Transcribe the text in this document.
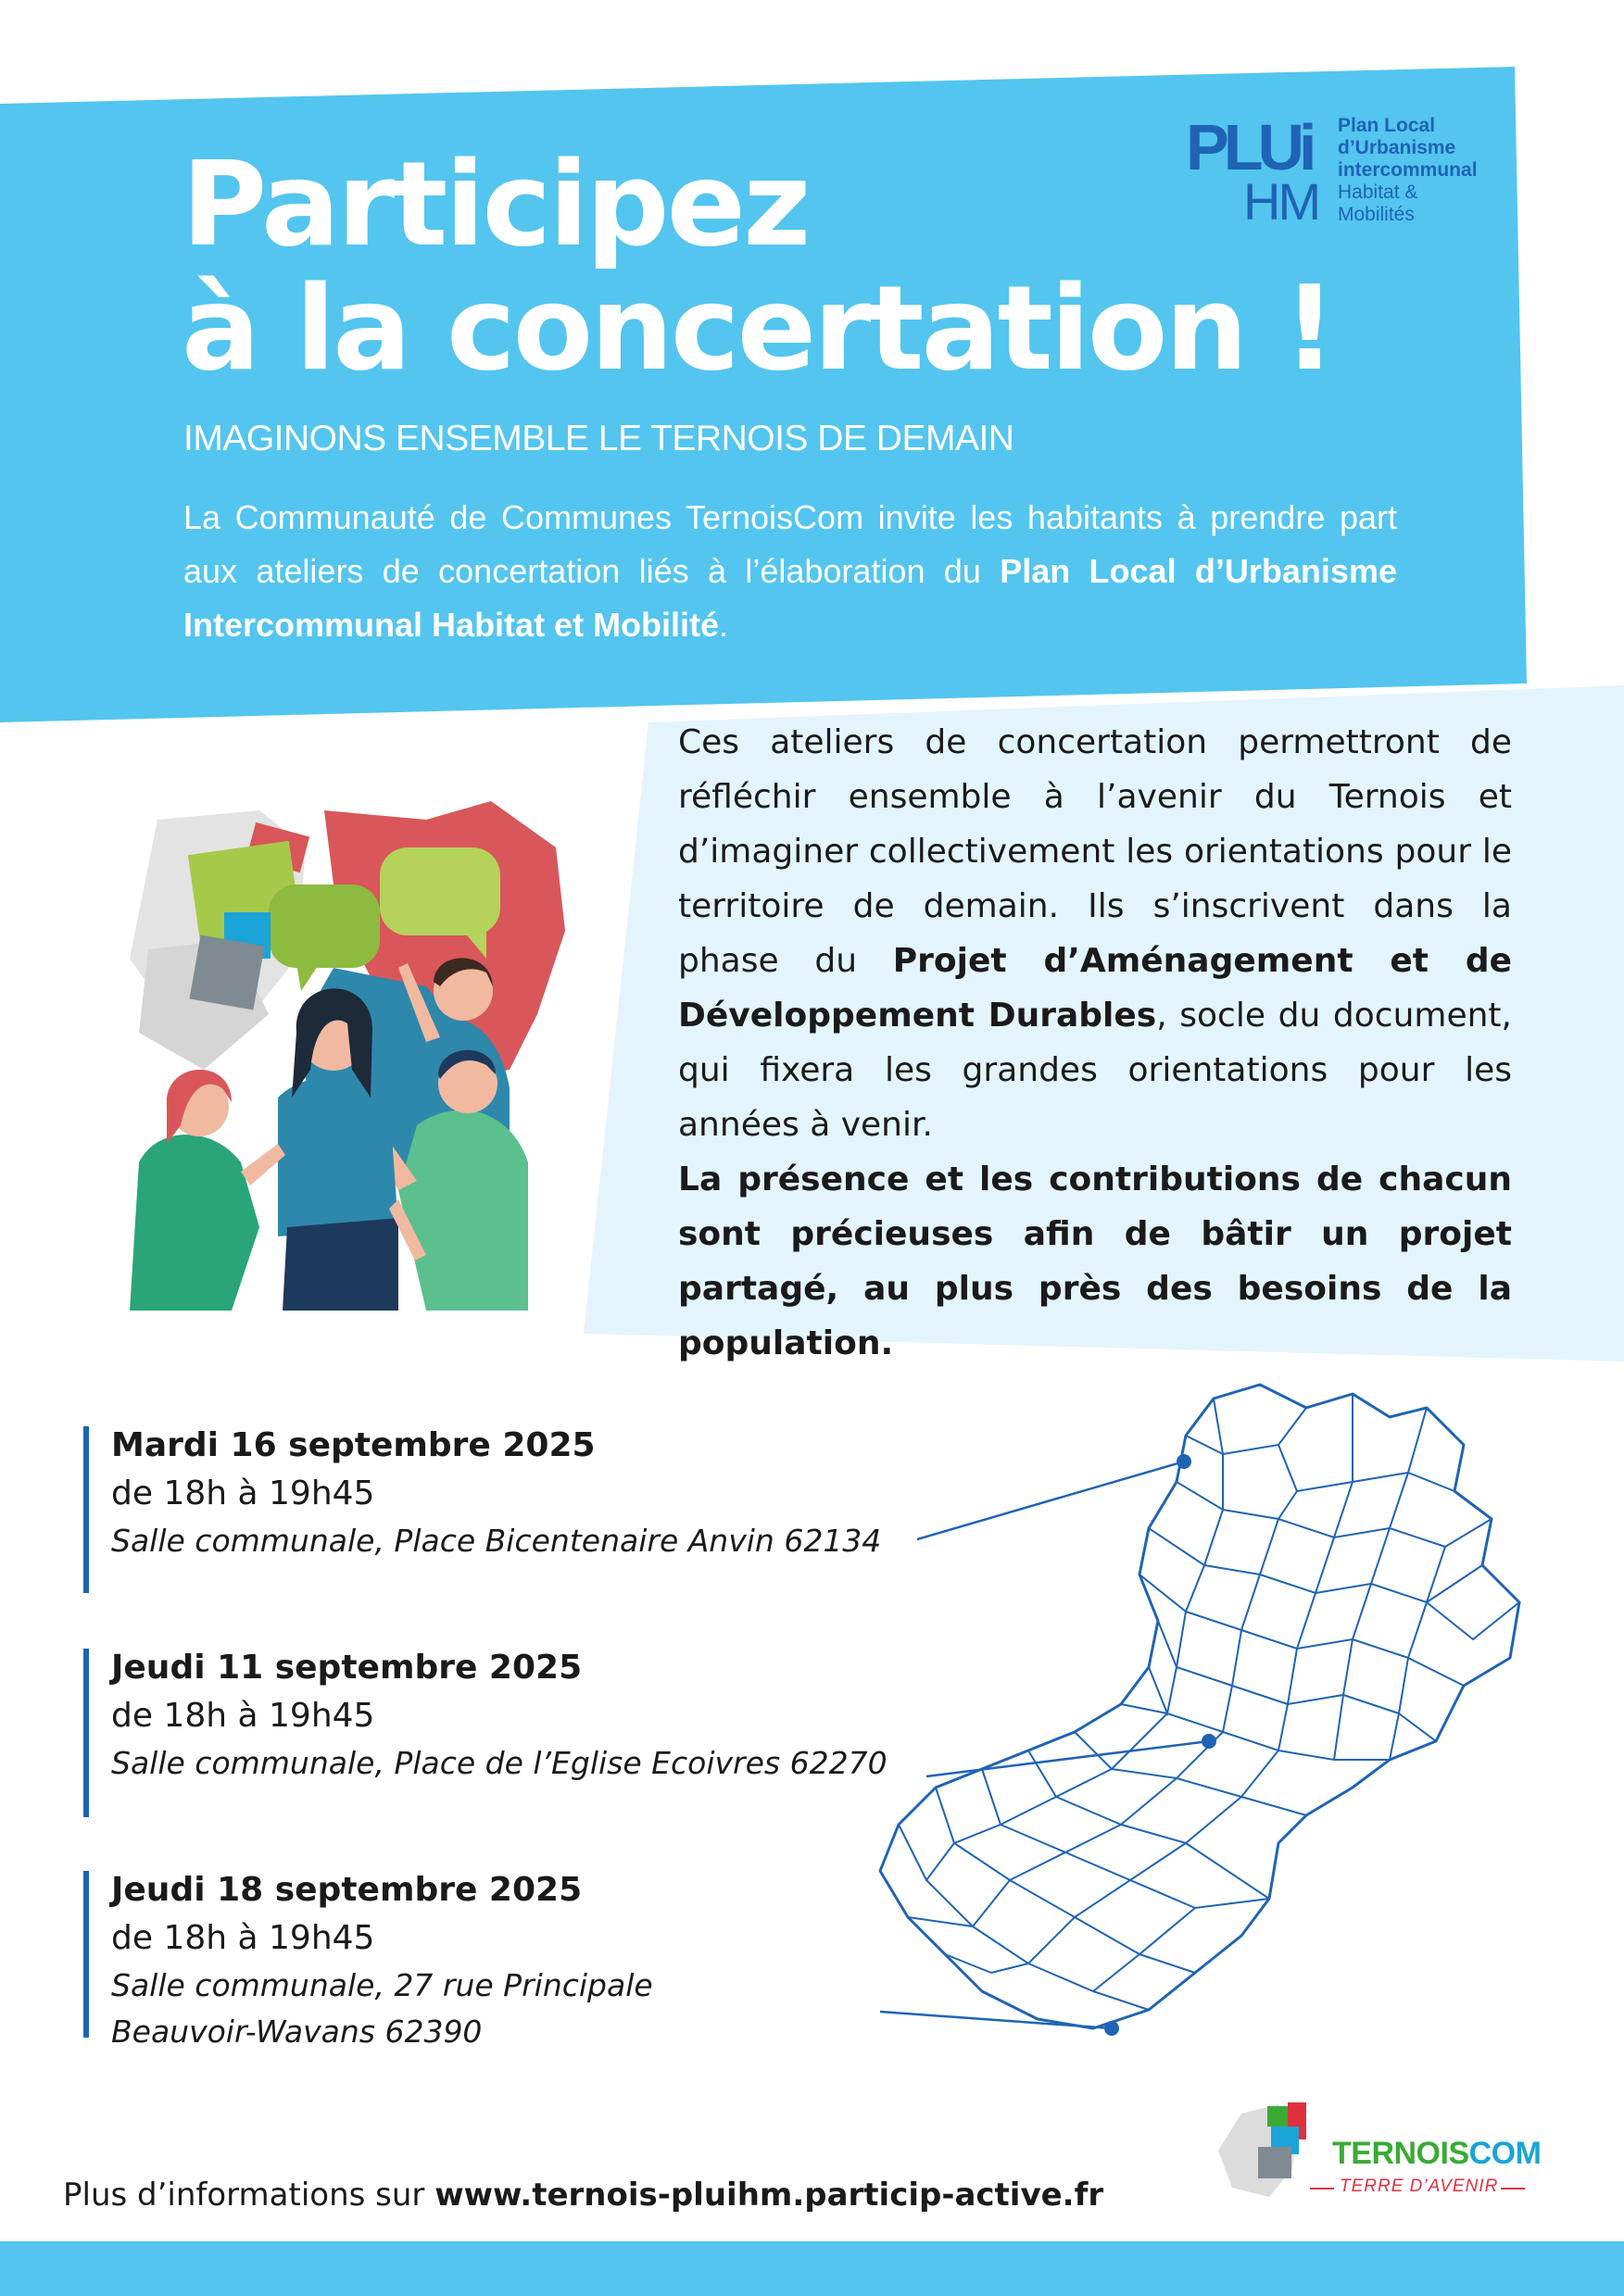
Participez
à la concertation !
IMAGINONS ENSEMBLE LE TERNOIS DE DEMAIN
La Communauté de Communes TernoisCom invite les habitants à prendre part aux ateliers de concertation liés à l’élaboration du Plan Local d’Urbanisme Intercommunal Habitat et Mobilité.
PLUi
HM
Plan Local
d’Urbanisme
intercommunal
Habitat &
Mobilités
Ces ateliers de concertation permettront de réfléchir ensemble à l’avenir du Ternois et d’imaginer collectivement les orientations pour le territoire de demain. Ils s’inscrivent dans la phase du Projet d’Aménagement et de Développement Durables, socle du document, qui fixera les grandes orientations pour les années à venir.
La présence et les contributions de chacun sont précieuses afin de bâtir un projet partagé, au plus près des besoins de la population.
Mardi 16 septembre 2025
de 18h à 19h45
Salle communale, Place Bicentenaire Anvin 62134
Jeudi 11 septembre 2025
de 18h à 19h45
Salle communale, Place de l’Eglise Ecoivres 62270
Jeudi 18 septembre 2025
de 18h à 19h45
Salle communale, 27 rue Principale
Beauvoir-Wavans 62390
Plus d’informations sur www.ternois-pluihm.particip-active.fr
TERNOISCOM
TERRE D’AVENIR
